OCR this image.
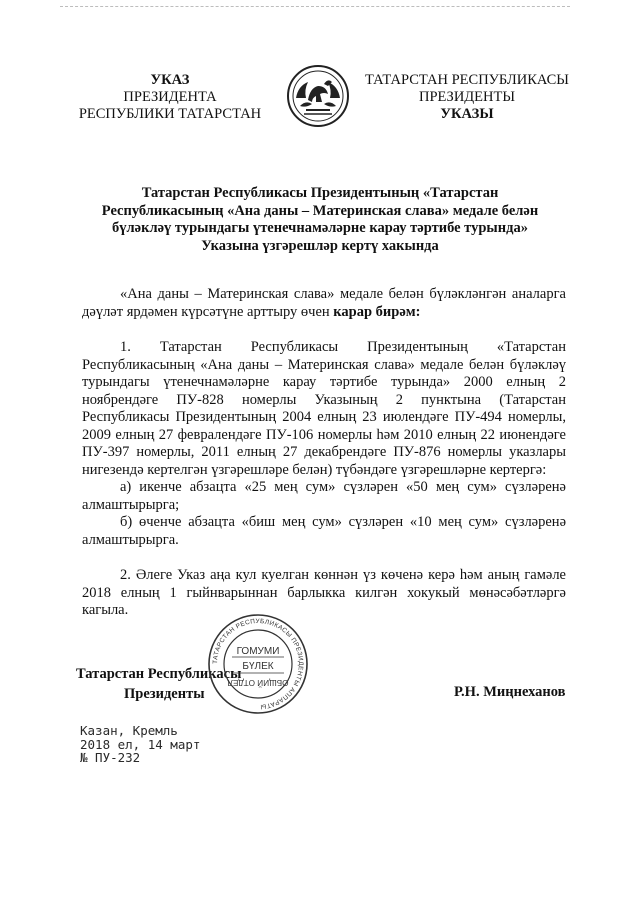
УКАЗ
ПРЕЗИДЕНТА
РЕСПУБЛИКИ ТАТАРСТАН
ТАТАРСТАН РЕСПУБЛИКАСЫ
ПРЕЗИДЕНТЫ
УКАЗЫ
Татарстан Республикасы Президентының «Татарстан
Республикасының «Ана даны – Материнская слава» медале белән
бүләкләү турындагы үтенечнамәләрне карау тәртибе турында»
Указына үзгәрешләр кертү хакында
«Ана даны – Материнская слава» медале белән бүләкләнгән аналарга дәүләт ярдәмен күрсәтүне арттыру өчен карар бирәм:

1. Татарстан Республикасы Президентының «Татарстан Республикасының «Ана даны – Материнская слава» медале белән бүләкләү турындагы үтенечнамәләрне карау тәртибе турында» 2000 елның 2 ноябрендәге ПУ-828 номерлы Указының 2 пунктына (Татарстан Республикасы Президентының 2004 елның 23 июлендәге ПУ-494 номерлы, 2009 елның 27 февралендәге ПУ-106 номерлы һәм 2010 елның 22 июнендәге ПУ-397 номерлы, 2011 елның 27 декабрендәге ПУ-876 номерлы указлары нигезендә кертелгән үзгәрешләре белән) түбәндәге үзгәрешләрне кертергә:

а) икенче абзацта «25 мең сум» сүзләрен «50 мең сум» сүзләренә алмаштырырга;

б) өченче абзацта «биш мең сум» сүзләрен «10 мең сум» сүзләренә алмаштырырга.

2. Әлеге Указ аңа кул куелган көннән үз көченә керә һәм аның гамәле 2018 елның 1 гыйнварыннан барлыкка килгән хокукый мөнәсәбәтләргә кагыла.

Татарстан Республикасы
Президенты
ТАТАРСТАН РЕСПУБЛИКАСЫ ПРЕЗИДЕНТЫ АППАРАТЫ
ГОМУМИ
БҮЛЕК
ОБЩИЙ ОТДЕЛ
Р.Н. Миңнеханов
Казан, Кремль
2018 ел, 14 март
№ ПУ-232
